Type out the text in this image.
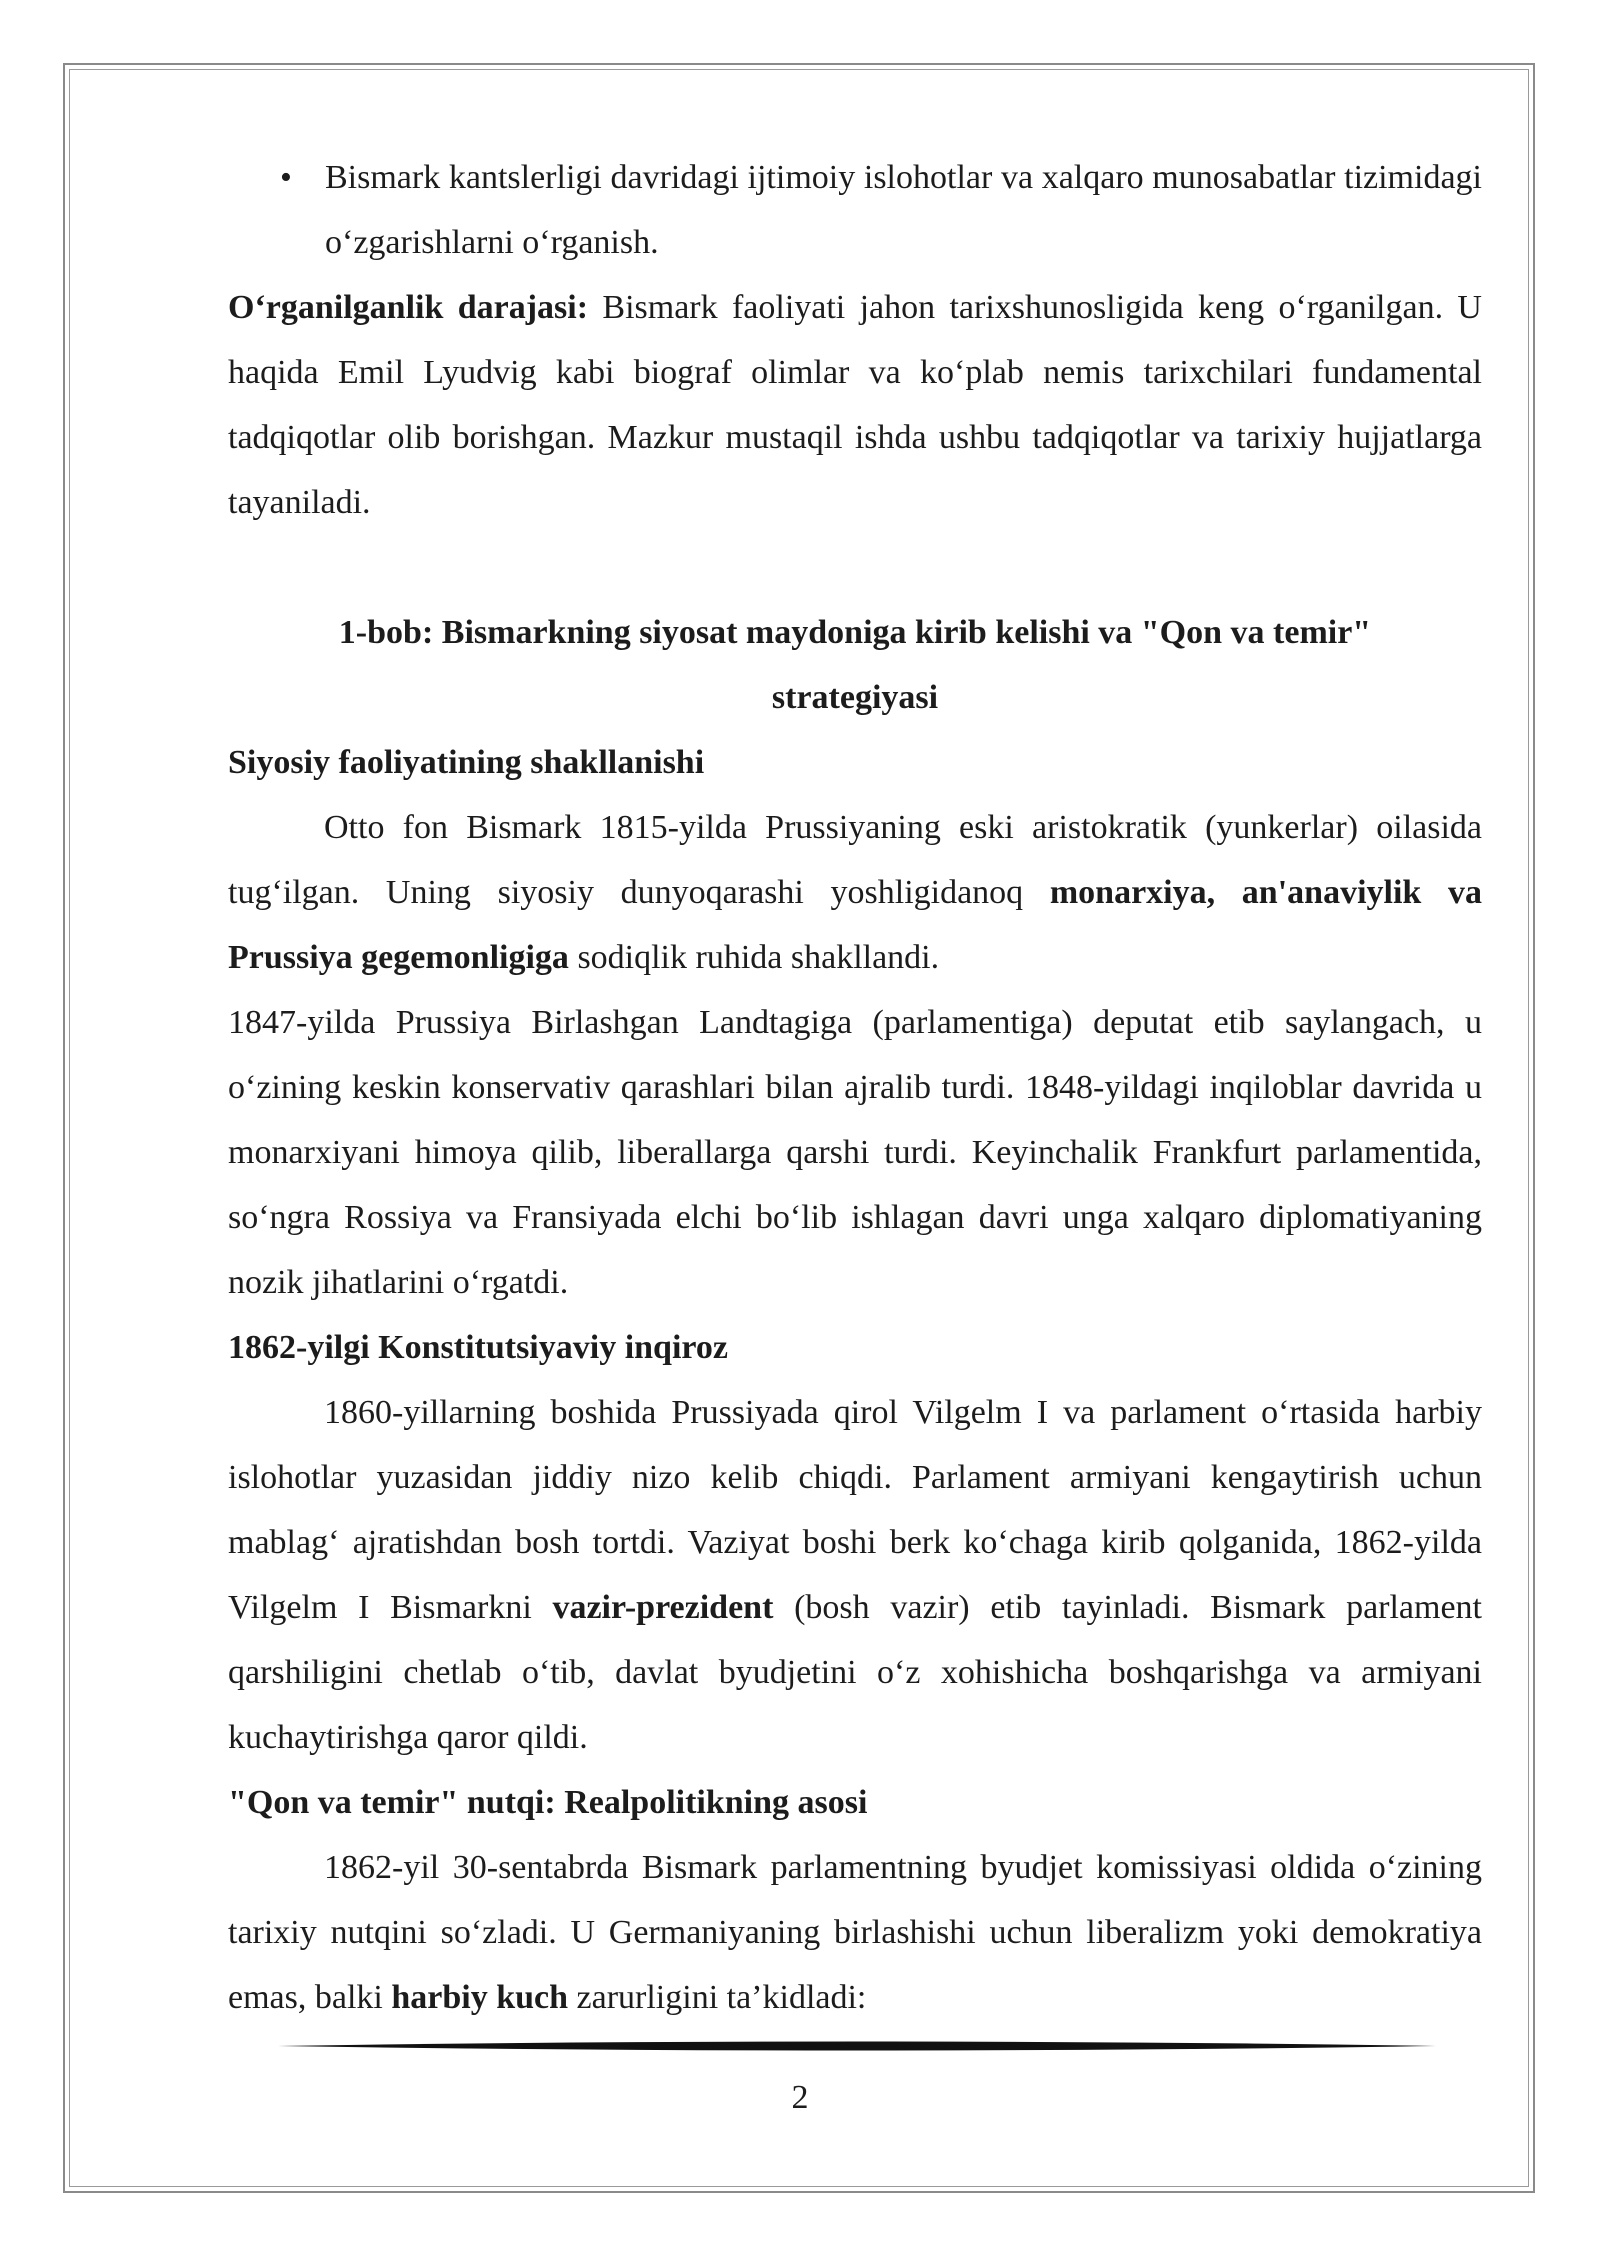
• Bismark kantslerligi davridagi ijtimoiy islohotlar va xalqaro munosabatlar tizimidagi o‘zgarishlarni o‘rganish.

O‘rganilganlik darajasi: Bismark faoliyati jahon tarixshunosligida keng o‘rganilgan. U haqida Emil Lyudvig kabi biograf olimlar va ko‘plab nemis tarixchilari fundamental tadqiqotlar olib borishgan. Mazkur mustaqil ishda ushbu tadqiqotlar va tarixiy hujjatlarga tayaniladi.

1-bob: Bismarkning siyosat maydoniga kirib kelishi va "Qon va temir"
strategiyasi

Siyosiy faoliyatining shakllanishi

Otto fon Bismark 1815-yilda Prussiyaning eski aristokratik (yunkerlar) oilasida tug‘ilgan. Uning siyosiy dunyoqarashi yoshligidanoq monarxiya, an'anaviylik va Prussiya gegemonligiga sodiqlik ruhida shakllandi.

1847-yilda Prussiya Birlashgan Landtagiga (parlamentiga) deputat etib saylangach, u o‘zining keskin konservativ qarashlari bilan ajralib turdi. 1848-yildagi inqiloblar davrida u monarxiyani himoya qilib, liberallarga qarshi turdi. Keyinchalik Frankfurt parlamentida, so‘ngra Rossiya va Fransiyada elchi bo‘lib ishlagan davri unga xalqaro diplomatiyaning nozik jihatlarini o‘rgatdi.

1862-yilgi Konstitutsiyaviy inqiroz

1860-yillarning boshida Prussiyada qirol Vilgelm I va parlament o‘rtasida harbiy islohotlar yuzasidan jiddiy nizo kelib chiqdi. Parlament armiyani kengaytirish uchun mablag‘ ajratishdan bosh tortdi. Vaziyat boshi berk ko‘chaga kirib qolganida, 1862-yilda Vilgelm I Bismarkni vazir-prezident (bosh vazir) etib tayinladi. Bismark parlament qarshiligini chetlab o‘tib, davlat byudjetini o‘z xohishicha boshqarishga va armiyani kuchaytirishga qaror qildi.

"Qon va temir" nutqi: Realpolitikning asosi

1862-yil 30-sentabrda Bismark parlamentning byudjet komissiyasi oldida o‘zining tarixiy nutqini so‘zladi. U Germaniyaning birlashishi uchun liberalizm yoki demokratiya emas, balki harbiy kuch zarurligini ta’kidladi:

2
